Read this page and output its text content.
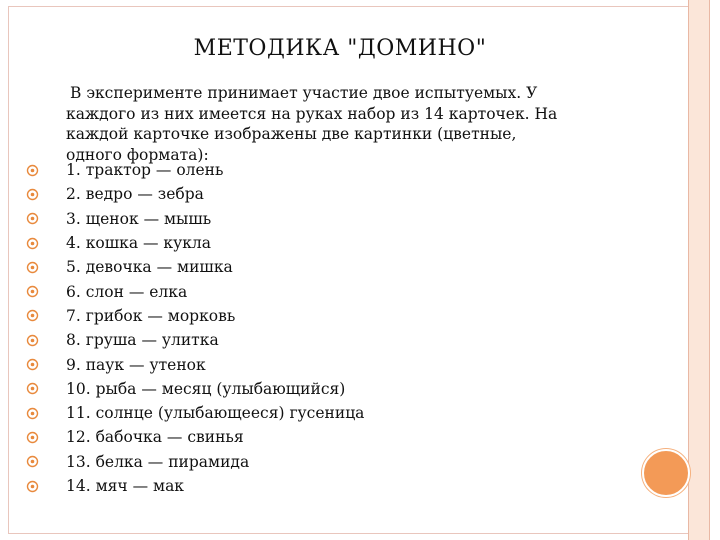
МЕТОДИКА "ДОМИНО"

В эксперименте принимает участие двое испытуемых. У
каждого из них имеется на руках набор из 14 карточек. На
каждой карточке изображены две картинки (цветные,
одного формата):

1. трактор — олень
2. ведро — зебра
3. щенок — мышь
4. кошка — кукла
5. девочка — мишка
6. слон — елка
7. грибок — морковь
8. груша — улитка
9. паук — утенок
10. рыба — месяц (улыбающийся)
11. солнце (улыбающееся) гусеница
12. бабочка — свинья
13. белка — пирамида
14. мяч — мак
